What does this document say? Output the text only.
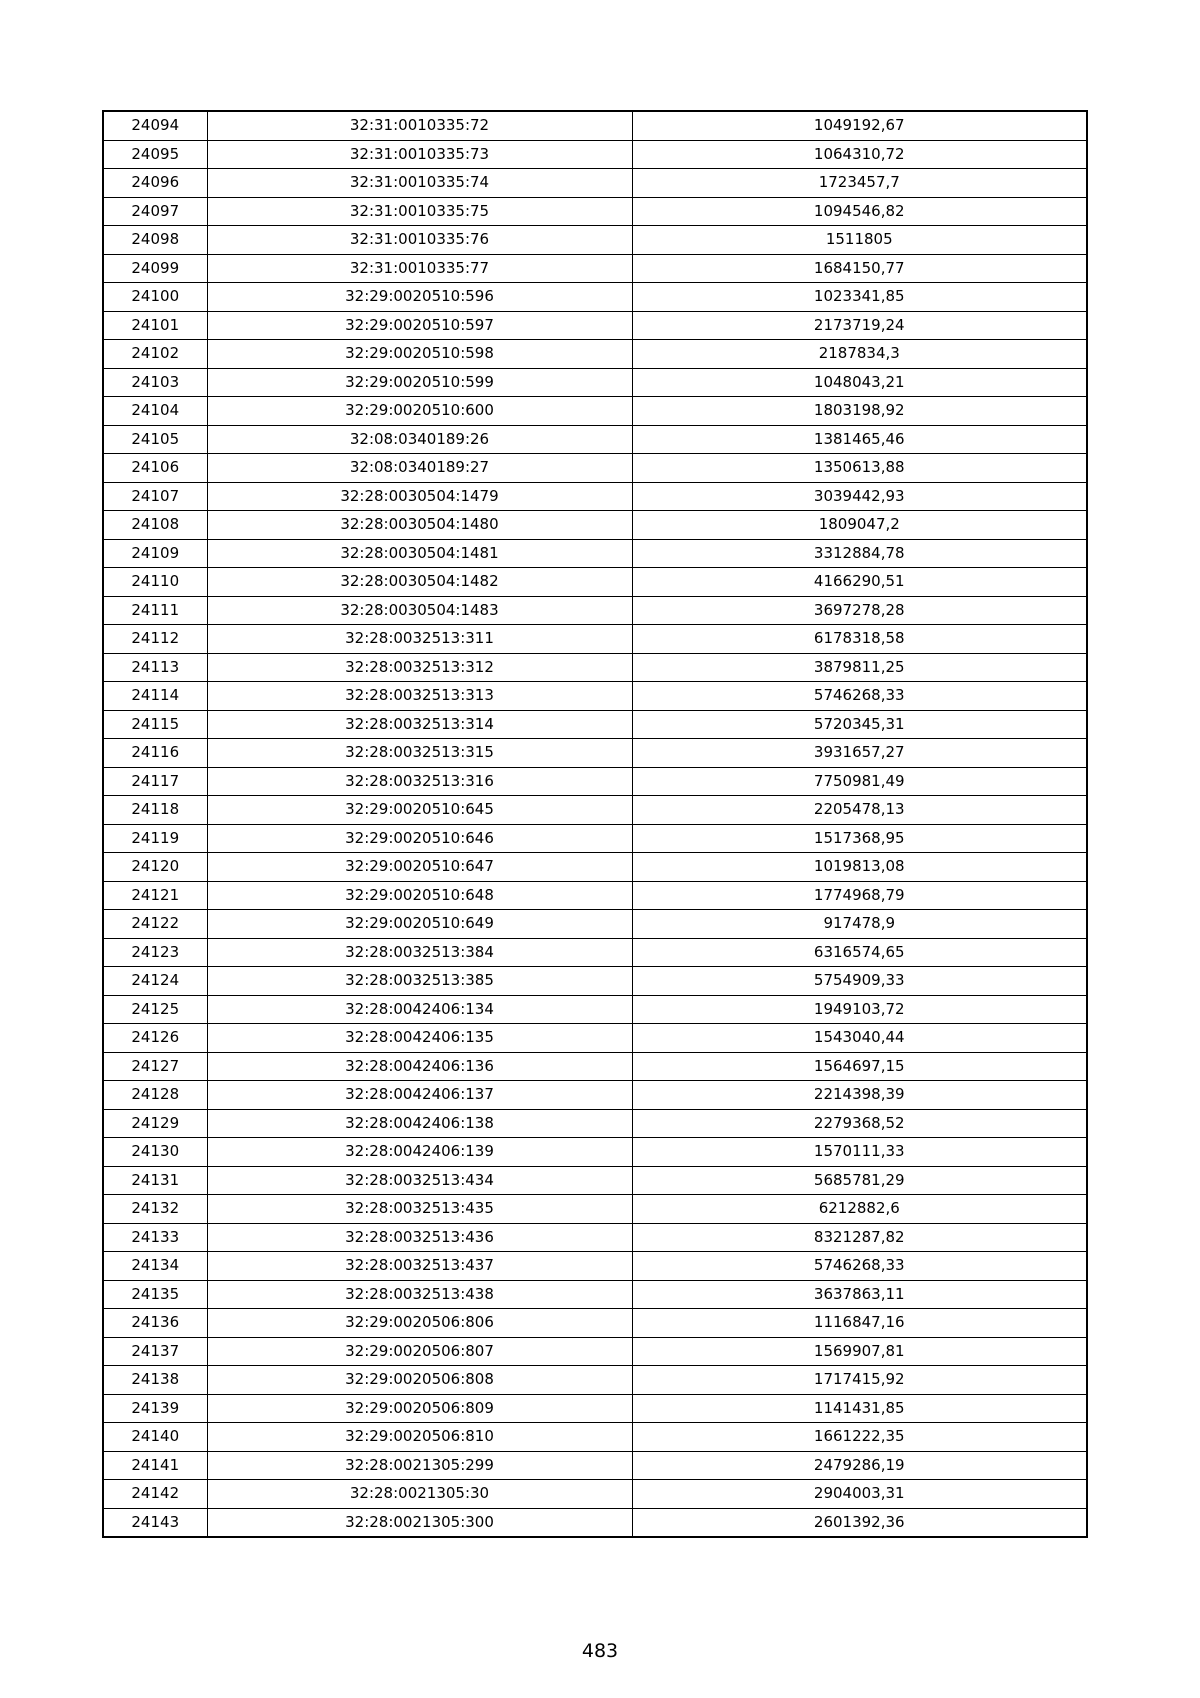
24094	32:31:0010335:72	1049192,67
24095	32:31:0010335:73	1064310,72
24096	32:31:0010335:74	1723457,7
24097	32:31:0010335:75	1094546,82
24098	32:31:0010335:76	1511805
24099	32:31:0010335:77	1684150,77
24100	32:29:0020510:596	1023341,85
24101	32:29:0020510:597	2173719,24
24102	32:29:0020510:598	2187834,3
24103	32:29:0020510:599	1048043,21
24104	32:29:0020510:600	1803198,92
24105	32:08:0340189:26	1381465,46
24106	32:08:0340189:27	1350613,88
24107	32:28:0030504:1479	3039442,93
24108	32:28:0030504:1480	1809047,2
24109	32:28:0030504:1481	3312884,78
24110	32:28:0030504:1482	4166290,51
24111	32:28:0030504:1483	3697278,28
24112	32:28:0032513:311	6178318,58
24113	32:28:0032513:312	3879811,25
24114	32:28:0032513:313	5746268,33
24115	32:28:0032513:314	5720345,31
24116	32:28:0032513:315	3931657,27
24117	32:28:0032513:316	7750981,49
24118	32:29:0020510:645	2205478,13
24119	32:29:0020510:646	1517368,95
24120	32:29:0020510:647	1019813,08
24121	32:29:0020510:648	1774968,79
24122	32:29:0020510:649	917478,9
24123	32:28:0032513:384	6316574,65
24124	32:28:0032513:385	5754909,33
24125	32:28:0042406:134	1949103,72
24126	32:28:0042406:135	1543040,44
24127	32:28:0042406:136	1564697,15
24128	32:28:0042406:137	2214398,39
24129	32:28:0042406:138	2279368,52
24130	32:28:0042406:139	1570111,33
24131	32:28:0032513:434	5685781,29
24132	32:28:0032513:435	6212882,6
24133	32:28:0032513:436	8321287,82
24134	32:28:0032513:437	5746268,33
24135	32:28:0032513:438	3637863,11
24136	32:29:0020506:806	1116847,16
24137	32:29:0020506:807	1569907,81
24138	32:29:0020506:808	1717415,92
24139	32:29:0020506:809	1141431,85
24140	32:29:0020506:810	1661222,35
24141	32:28:0021305:299	2479286,19
24142	32:28:0021305:30	2904003,31
24143	32:28:0021305:300	2601392,36
483
